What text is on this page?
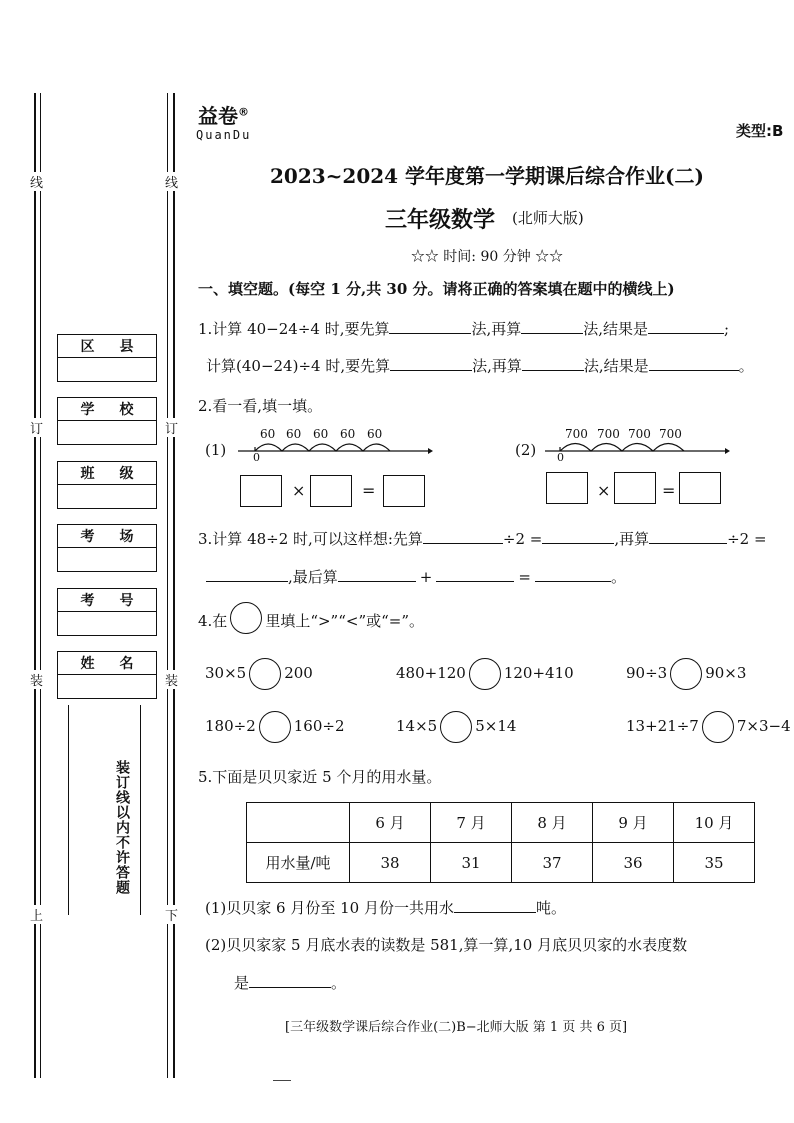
线	线
订	订
装	装
上	下
装订线以内不许答题
区 县
学 校
班 级
考 场
考 号
姓 名
益卷®
QuanDu	类型:B
2023~2024 学年度第一学期课后综合作业(二)
三年级数学 (北师大版)
☆☆ 时间: 90 分钟 ☆☆
一、填空题。(每空 1 分,共 30 分。请将正确的答案填在题中的横线上)
1.计算 40−24÷4 时,要先算	法,再算	法,结果是	;
计算(40−24)÷4 时,要先算	法,再算	法,结果是	。
2.看一看,填一填。
(1) 0
60 60 60 60 60
×	=
(2) 0
700 700 700 700
×	=
3.计算 48÷2 时,可以这样想:先算	÷2 =	,再算	÷2 =
,最后算	+	=	。
4.在	里填上“>”“<”或“=”。
30×5	200	480+120	120+410	90÷3	90×3
180÷2	160÷2	14×5	5×14	13+21÷7	7×3−4
5.下面是贝贝家近 5 个月的用水量。
	6 月	7 月	8 月	9 月	10 月
用水量/吨	38	31	37	36	35
(1)贝贝家 6 月份至 10 月份一共用水	吨。
(2)贝贝家家 5 月底水表的读数是 581,算一算,10 月底贝贝家的水表度数
是	。
[三年级数学课后综合作业(二)B−北师大版 第 1 页 共 6 页]
